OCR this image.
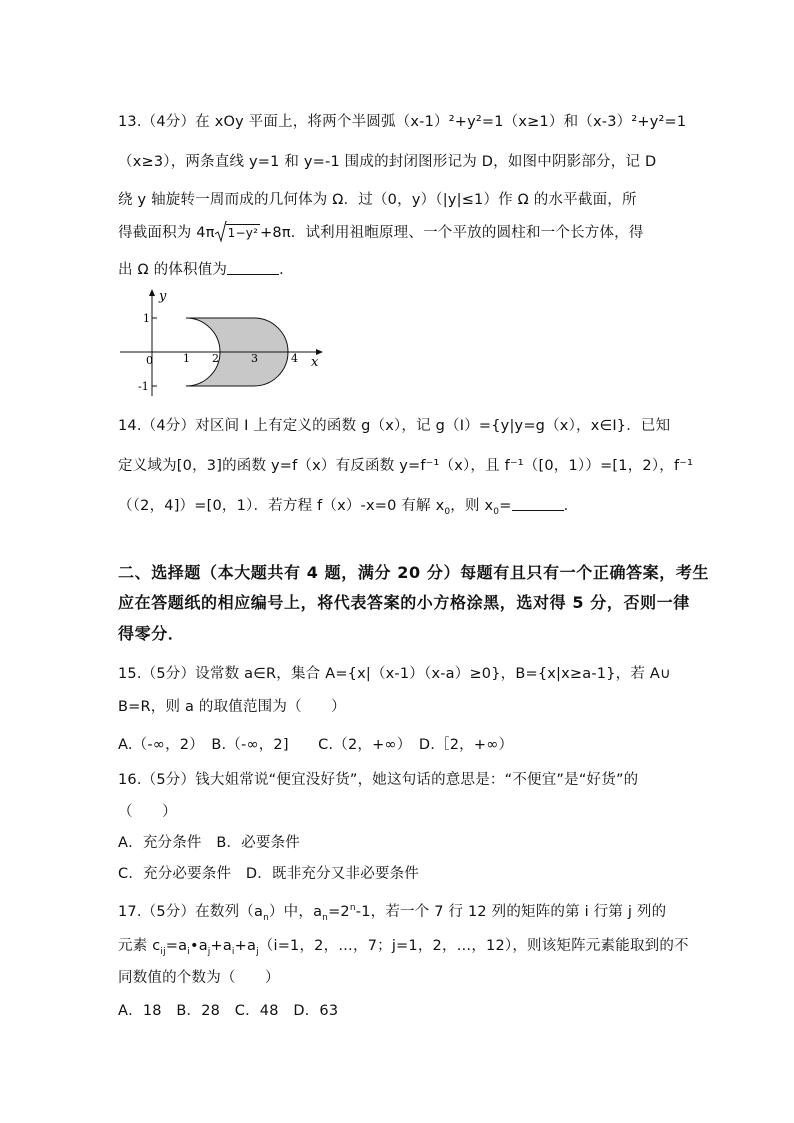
13.（4分）在 xOy 平面上，将两个半圆弧（x-1）²+y²=1（x≥1）和（x-3）²+y²=1
（x≥3），两条直线 y=1 和 y=-1 围成的封闭图形记为 D，如图中阴影部分，记 D
绕 y 轴旋转一周而成的几何体为 Ω．过（0，y）（|y|≤1）作 Ω 的水平截面，所
得截面积为 4π 1−y² +8π．试利用祖暅原理、一个平放的圆柱和一个长方体，得
出 Ω 的体积值为	．
y
x
0	1 2	3	4
1
-1
14.（4分）对区间 I 上有定义的函数 g（x），记 g（I）={y|y=g（x），x∈I}．已知
定义域为[0，3]的函数 y=f（x）有反函数 y=f⁻¹（x），且 f⁻¹（[0，1））=[1，2），f⁻¹
（（2，4]）=[0，1）．若方程 f（x）-x=0 有解 $x_0$，则 $x_0=$	．
二、选择题（本大题共有 4 题，满分 20 分）每题有且只有一个正确答案，考生
应在答题纸的相应编号上，将代表答案的小方格涂黑，选对得 5 分，否则一律
得零分．
15.（5分）设常数 a∈R，集合 A={x|（x-1）（x-a）≥0}，B={x|x≥a-1}，若 A∪
B=R，则 a 的取值范围为（　　）
A.（-∞，2）　B.（-∞，2]　　C.（2，+∞）　D.［2，+∞）
16.（5分）钱大姐常说“便宜没好货”，她这句话的意思是：“不便宜”是“好货”的
（　　）
A．充分条件　B．必要条件
C．充分必要条件　D．既非充分又非必要条件
17.（5分）在数列$(a_n)$中，$a_n=2^n-1$，若一个 7 行 12 列的矩阵的第 i 行第 j 列的
元素 $c_{ij}=a_i•a_j+a_i+a_j(i=1$，2，…，7；j=1，2，…，12），则该矩阵元素能取到的不
同数值的个数为（　　）
A．18　B．28　C．48　D．63
